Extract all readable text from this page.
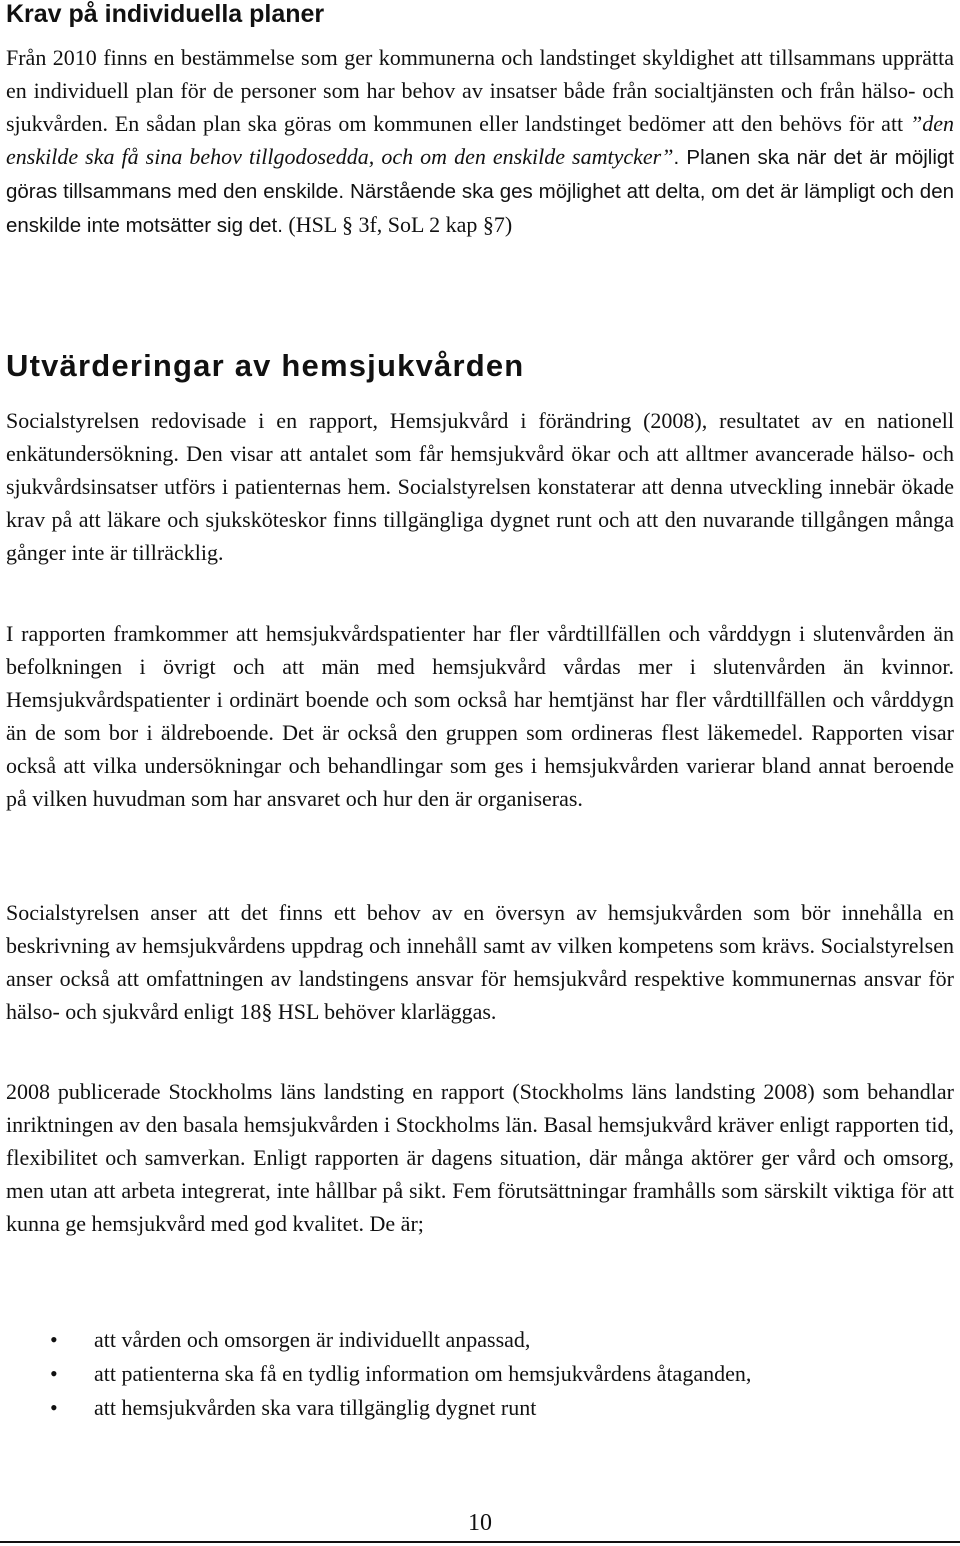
Krav på individuella planer

Från 2010 finns en bestämmelse som ger kommunerna och landstinget skyldighet att tillsammans upprätta en individuell plan för de personer som har behov av insatser både från socialtjänsten och från hälso- och sjukvården. En sådan plan ska göras om kommunen eller landstinget bedömer att den behövs för att ”den enskilde ska få sina behov tillgodosedda, och om den enskilde samtycker”. Planen ska när det är möjligt göras tillsammans med den enskilde. Närstående ska ges möjlighet att delta, om det är lämpligt och den enskilde inte motsätter sig det. (HSL § 3f, SoL 2 kap §7)

Utvärderingar av hemsjukvården

Socialstyrelsen redovisade i en rapport, Hemsjukvård i förändring (2008), resultatet av en nationell enkätundersökning. Den visar att antalet som får hemsjukvård ökar och att alltmer avancerade hälso- och sjukvårdsinsatser utförs i patienternas hem. Socialstyrelsen konstaterar att denna utveckling innebär ökade krav på att läkare och sjuksköteskor finns tillgängliga dygnet runt och att den nuvarande tillgången många gånger inte är tillräcklig.

I rapporten framkommer att hemsjukvårdspatienter har fler vårdtillfällen och vårddygn i slutenvården än befolkningen i övrigt och att män med hemsjukvård vårdas mer i slutenvården än kvinnor. Hemsjukvårdspatienter i ordinärt boende och som också har hemtjänst har fler vårdtillfällen och vårddygn än de som bor i äldreboende. Det är också den gruppen som ordineras flest läkemedel. Rapporten visar också att vilka undersökningar och behandlingar som ges i hemsjukvården varierar bland annat beroende på vilken huvudman som har ansvaret och hur den är organiseras.

Socialstyrelsen anser att det finns ett behov av en översyn av hemsjukvården som bör innehålla en beskrivning av hemsjukvårdens uppdrag och innehåll samt av vilken kompetens som krävs. Socialstyrelsen anser också att omfattningen av landstingens ansvar för hemsjukvård respektive kommunernas ansvar för hälso- och sjukvård enligt 18§ HSL behöver klarläggas.

2008 publicerade Stockholms läns landsting en rapport (Stockholms läns landsting 2008) som behandlar inriktningen av den basala hemsjukvården i Stockholms län. Basal hemsjukvård kräver enligt rapporten tid, flexibilitet och samverkan. Enligt rapporten är dagens situation, där många aktörer ger vård och omsorg, men utan att arbeta integrerat, inte hållbar på sikt. Fem förutsättningar framhålls som särskilt viktiga för att kunna ge hemsjukvård med god kvalitet. De är;

• att vården och omsorgen är individuellt anpassad,
• att patienterna ska få en tydlig information om hemsjukvårdens åtaganden,
• att hemsjukvården ska vara tillgänglig dygnet runt
10
